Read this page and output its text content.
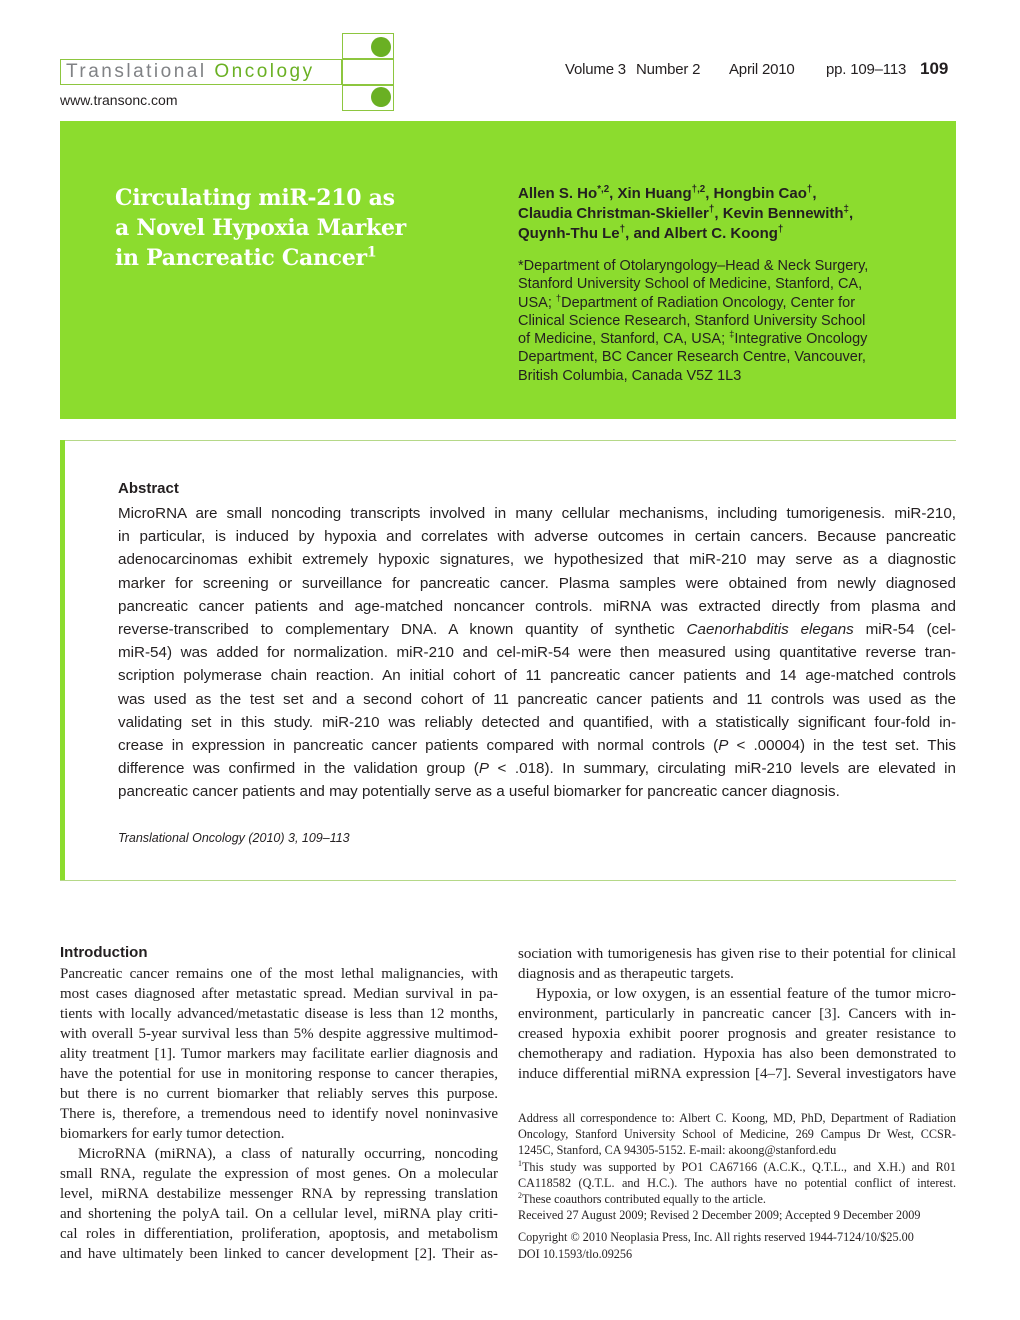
Translational Oncology
www.transonc.com
Volume 3 Number 2 April 2010 pp. 109–113 109
Circulating miR-210 as
a Novel Hypoxia Marker
in Pancreatic Cancer$^1$
Allen S. $Ho^{*,2}$, Xin Huang$^{\dagger,2}$, Hongbin Cao†,
Claudia Christman-Skieller†, Kevin Bennewith‡,
Quynh-Thu Le†, and Albert C. Koong†
*Department of Otolaryngology–Head & Neck Surgery,
Stanford University School of Medicine, Stanford, CA,
USA; †Department of Radiation Oncology, Center for
Clinical Science Research, Stanford University School
of Medicine, Stanford, CA, USA; ‡Integrative Oncology
Department, BC Cancer Research Centre, Vancouver,
British Columbia, Canada V5Z 1L3
Abstract
MicroRNA are small noncoding transcripts involved in many cellular mechanisms, including tumorigenesis. miR-210,
in particular, is induced by hypoxia and correlates with adverse outcomes in certain cancers. Because pancreatic
adenocarcinomas exhibit extremely hypoxic signatures, we hypothesized that miR-210 may serve as a diagnostic
marker for screening or surveillance for pancreatic cancer. Plasma samples were obtained from newly diagnosed
pancreatic cancer patients and age-matched noncancer controls. miRNA was extracted directly from plasma and
reverse-transcribed to complementary DNA. A known quantity of synthetic Caenorhabditis elegans miR-54 (cel-
miR-54) was added for normalization. miR-210 and cel-miR-54 were then measured using quantitative reverse tran-
scription polymerase chain reaction. An initial cohort of 11 pancreatic cancer patients and 14 age-matched controls
was used as the test set and a second cohort of 11 pancreatic cancer patients and 11 controls was used as the
validating set in this study. miR-210 was reliably detected and quantified, with a statistically significant four-fold in-
crease in expression in pancreatic cancer patients compared with normal controls (P < .00004) in the test set. This
difference was confirmed in the validation group (P < .018). In summary, circulating miR-210 levels are elevated in
pancreatic cancer patients and may potentially serve as a useful biomarker for pancreatic cancer diagnosis.
Translational Oncology (2010) 3, 109–113
Introduction
Pancreatic cancer remains one of the most lethal malignancies, with
most cases diagnosed after metastatic spread. Median survival in pa-
tients with locally advanced/metastatic disease is less than 12 months,
with overall 5-year survival less than 5% despite aggressive multimod-
ality treatment [1]. Tumor markers may facilitate earlier diagnosis and
have the potential for use in monitoring response to cancer therapies,
but there is no current biomarker that reliably serves this purpose.
There is, therefore, a tremendous need to identify novel noninvasive
biomarkers for early tumor detection.
MicroRNA (miRNA), a class of naturally occurring, noncoding
small RNA, regulate the expression of most genes. On a molecular
level, miRNA destabilize messenger RNA by repressing translation
and shortening the polyA tail. On a cellular level, miRNA play criti-
cal roles in differentiation, proliferation, apoptosis, and metabolism
and have ultimately been linked to cancer development [2]. Their as-
sociation with tumorigenesis has given rise to their potential for clinical
diagnosis and as therapeutic targets.
Hypoxia, or low oxygen, is an essential feature of the tumor micro-
environment, particularly in pancreatic cancer [3]. Cancers with in-
creased hypoxia exhibit poorer prognosis and greater resistance to
chemotherapy and radiation. Hypoxia has also been demonstrated to
induce differential miRNA expression [4–7]. Several investigators have
Address all correspondence to: Albert C. Koong, MD, PhD, Department of Radiation
Oncology, Stanford University School of Medicine, 269 Campus Dr West, CCSR-
1245C, Stanford, CA 94305-5152. E-mail: akoong@stanford.edu
$^1$This study was supported by PO1 CA67166 (A.C.K., Q.T.L., and X.H.) and R01
CA118582 (Q.T.L. and H.C.). The authors have no potential conflict of interest.
$^2$These coauthors contributed equally to the article.
Received 27 August 2009; Revised 2 December 2009; Accepted 9 December 2009
Copyright © 2010 Neoplasia Press, Inc. All rights reserved 1944-7124/10/$25.00
DOI 10.1593/tlo.09256
